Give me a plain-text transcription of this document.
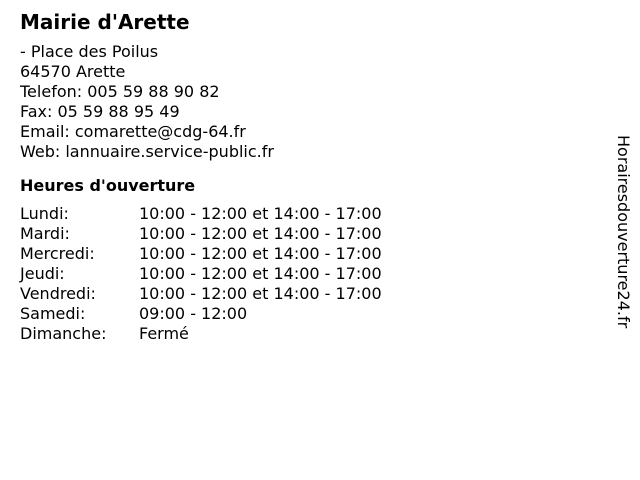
Mairie d'Arette
- Place des Poilus
64570 Arette
Telefon: 005 59 88 90 82
Fax: 05 59 88 95 49
Email: comarette@cdg-64.fr
Web: lannuaire.service-public.fr
Heures d'ouverture
Lundi:	10:00 - 12:00 et 14:00 - 17:00
Mardi:	10:00 - 12:00 et 14:00 - 17:00
Mercredi:	10:00 - 12:00 et 14:00 - 17:00
Jeudi:	10:00 - 12:00 et 14:00 - 17:00
Vendredi:	10:00 - 12:00 et 14:00 - 17:00
Samedi:	09:00 - 12:00
Dimanche:	Fermé
Horairesdouverture24.fr
